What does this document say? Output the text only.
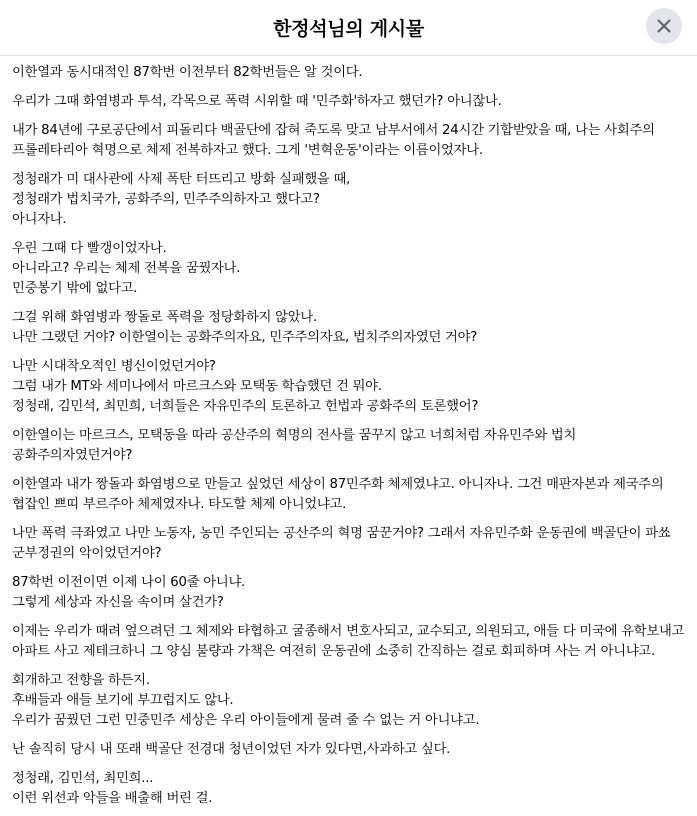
한정석님의 게시물

이한열과 동시대적인 87학번 이전부터 82학번들은 알 것이다.

우리가 그때 화염병과 투석, 각목으로 폭력 시위할 때 '민주화'하자고 했던가? 아니잖나.

내가 84년에 구로공단에서 피돌리다 백골단에 잡혀 죽도록 맞고 남부서에서 24시간 기합받았을 때, 나는 사회주의 프롤레타리아 혁명으로 체제 전복하자고 했다. 그게 '변혁운동'이라는 이름이었자나.

정청래가 미 대사관에 사제 폭탄 터뜨리고 방화 실패했을 때,
정청래가 법치국가, 공화주의, 민주주의하자고 했다고?
아니자나.

우린 그때 다 빨갱이었자나.
아니라고? 우리는 체제 전복을 꿈꿨자나.
민중봉기 밖에 없다고.

그걸 위해 화염병과 짱돌로 폭력을 정당화하지 않았나.
나만 그랬던 거야? 이한열이는 공화주의자요, 민주주의자요, 법치주의자였던 거야?

나만 시대착오적인 병신이었던거야?
그럼 내가 MT와 세미나에서 마르크스와 모택동 학습했던 건 뭐야.
정청래, 김민석, 최민희, 너희들은 자유민주의 토론하고 헌법과 공화주의 토론했어?

이한열이는 마르크스, 모택동을 따라 공산주의 혁명의 전사를 꿈꾸지 않고 너희처럼 자유민주와 법치 공화주의자였던거야?

이한열과 내가 짱돌과 화염병으로 만들고 싶었던 세상이 87민주화 체제였냐고. 아니자나. 그건 매판자본과 제국주의 협잡인 쁘띠 부르주아 체제였자나. 타도할 체제 아니었냐고.

나만 폭력 극좌였고 나만 노동자, 농민 주인되는 공산주의 혁명 꿈꾼거야? 그래서 자유민주화 운동권에 백골단이 파쑈 군부정권의 악이었던거야?

87학번 이전이면 이제 나이 60줄 아니냐.
그렇게 세상과 자신을 속이며 살건가?

이제는 우리가 때려 엎으려던 그 체제와 타협하고 굴종해서 변호사되고, 교수되고, 의원되고, 애들 다 미국에 유학보내고 아파트 사고 제테크하니 그 양심 불량과 가책은 여전히 운동권에 소중히 간직하는 걸로 회피하며 사는 거 아니냐고.

회개하고 전향을 하든지.
후배들과 애들 보기에 부끄럽지도 않나.
우리가 꿈꿨던 그런 민중민주 세상은 우리 아이들에게 물려 줄 수 없는 거 아니냐고.

난 솔직히 당시 내 또래 백골단 전경대 청년이었던 자가 있다면,사과하고 싶다.

정청래, 김민석, 최민희...
이런 위선과 악들을 배출해 버린 걸.
